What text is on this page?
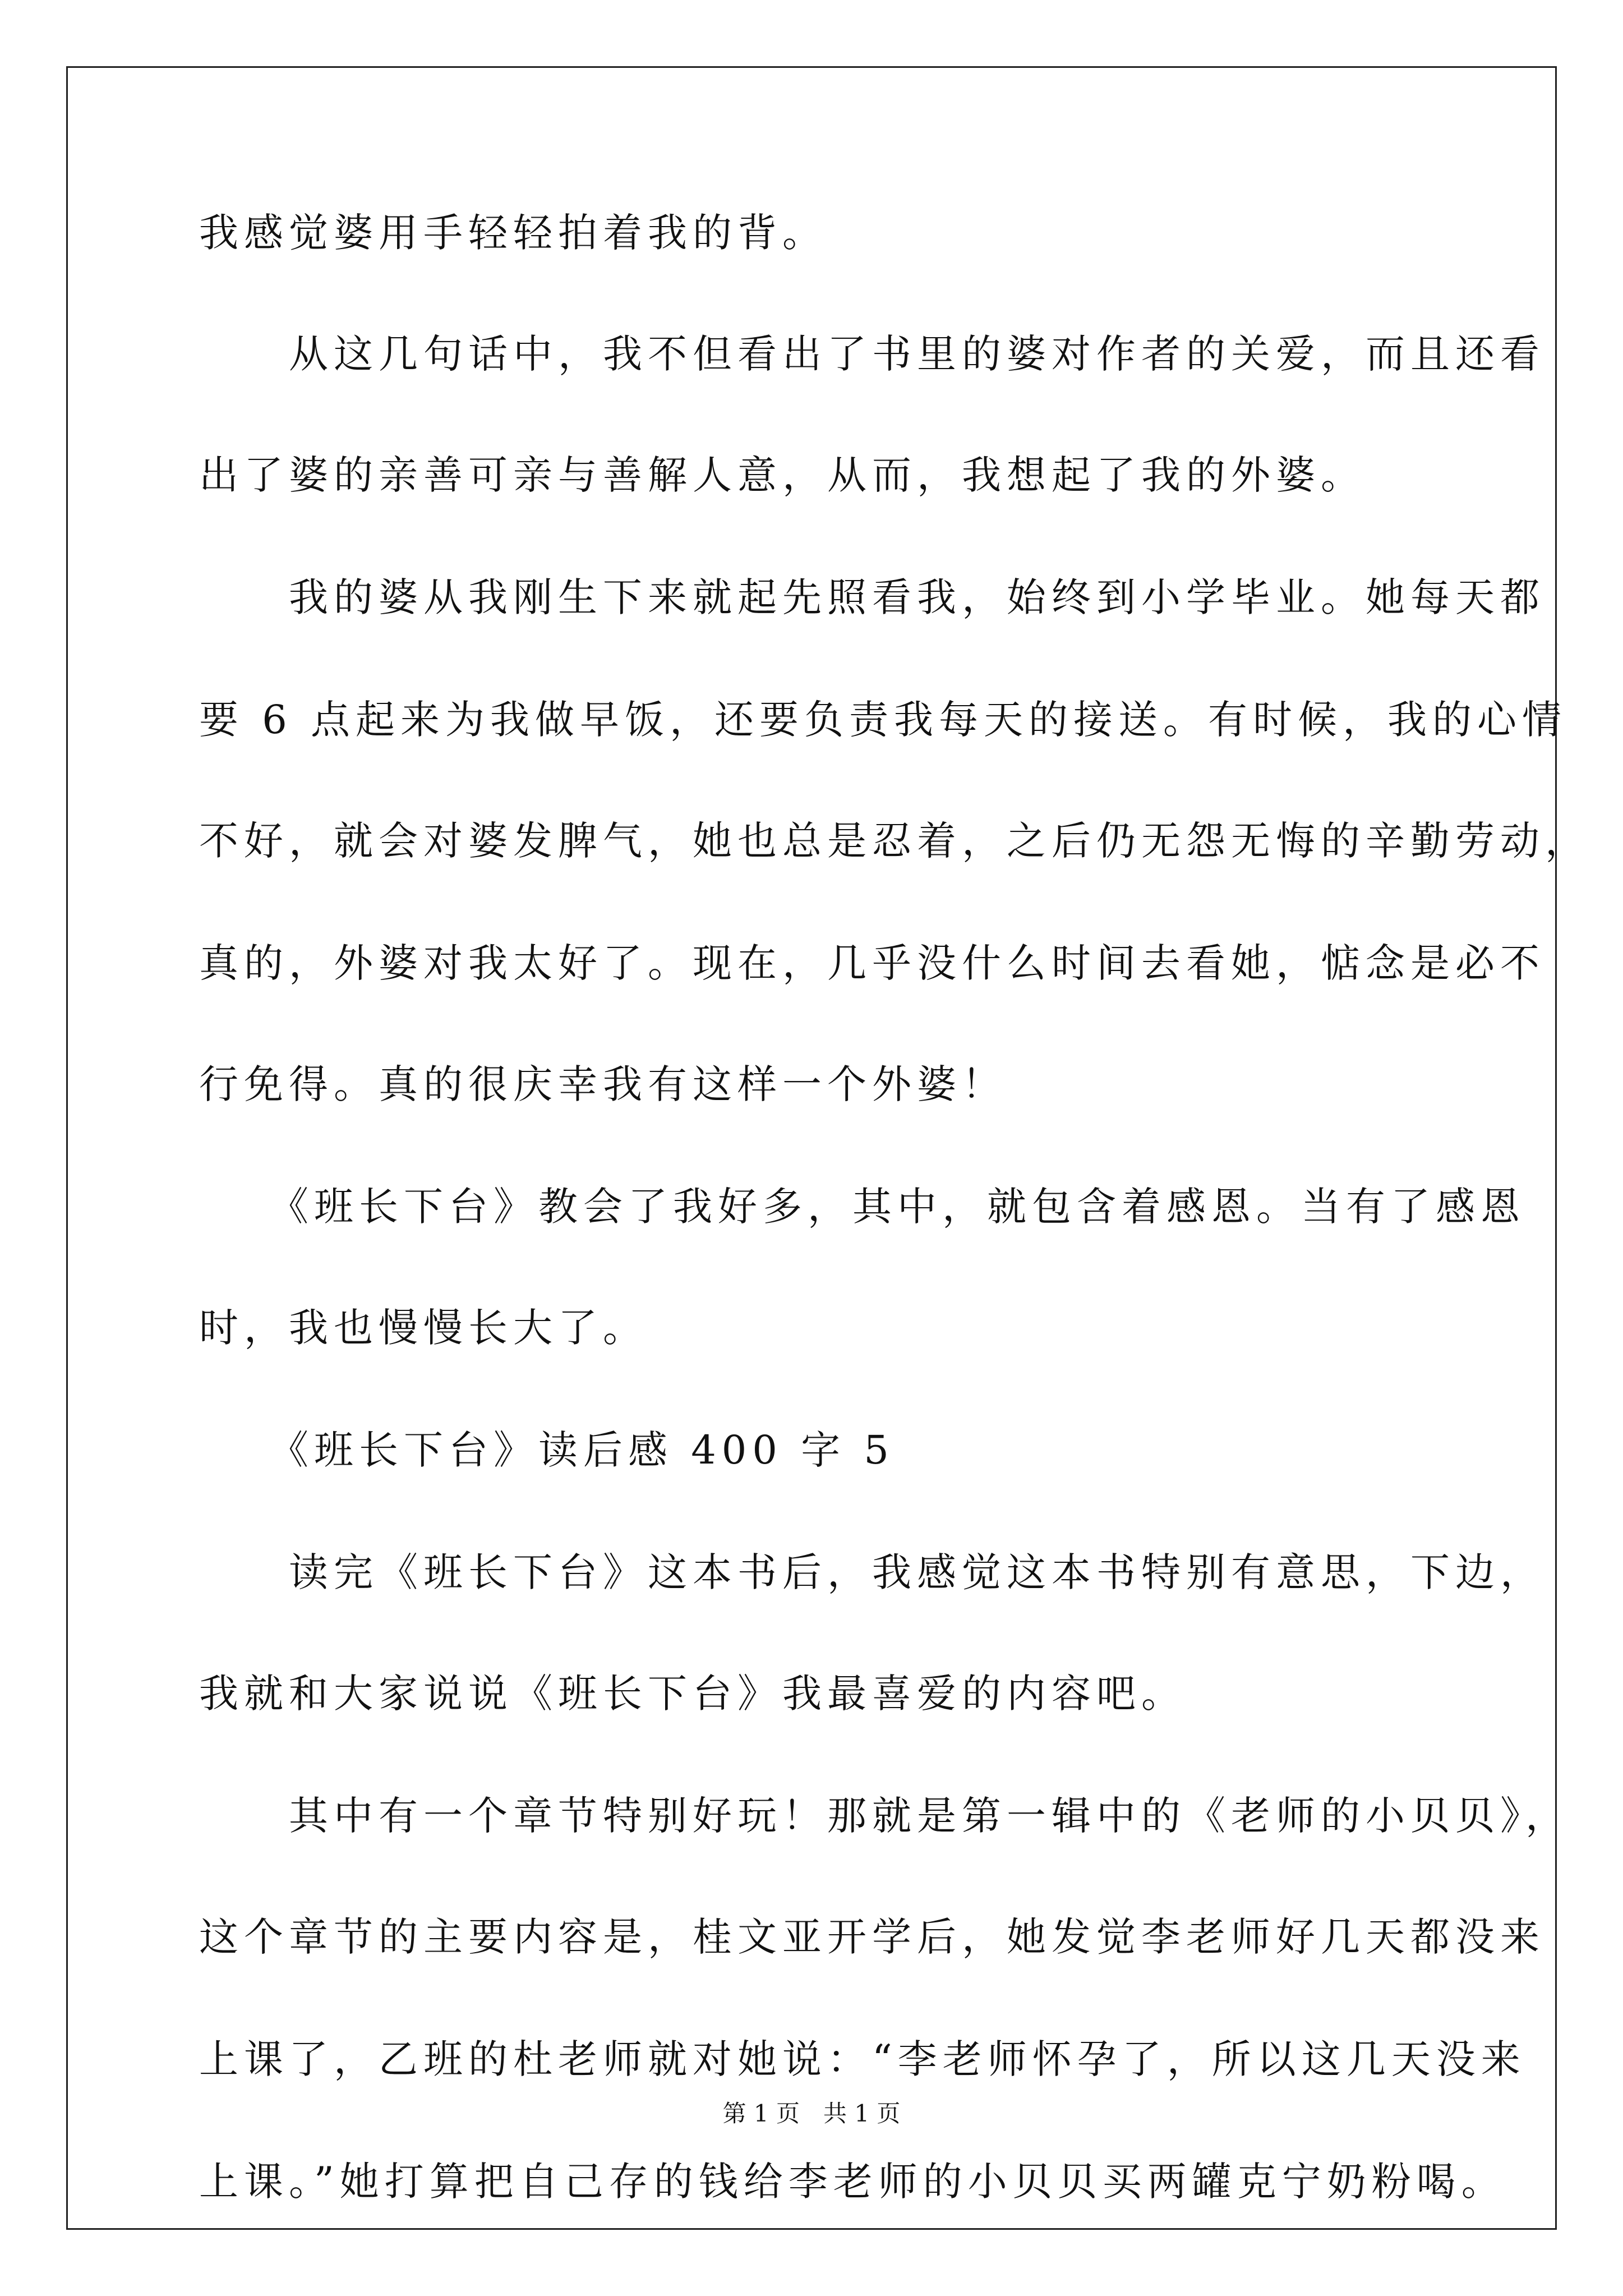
我感觉婆用手轻轻拍着我的背。
　　从这几句话中，我不但看出了书里的婆对作者的关爱，而且还看
出了婆的亲善可亲与善解人意，从而，我想起了我的外婆。
　　我的婆从我刚生下来就起先照看我，始终到小学毕业。她每天都
要 6 点起来为我做早饭，还要负责我每天的接送。有时候，我的心情
不好，就会对婆发脾气，她也总是忍着，之后仍无怨无悔的辛勤劳动，
真的，外婆对我太好了。现在，几乎没什么时间去看她，惦念是必不
行免得。真的很庆幸我有这样一个外婆！
　　《班长下台》教会了我好多，其中，就包含着感恩。当有了感恩
时，我也慢慢长大了。
　　《班长下台》读后感 400 字 5
　　读完《班长下台》这本书后，我感觉这本书特别有意思，下边，
我就和大家说说《班长下台》我最喜爱的内容吧。
　　其中有一个章节特别好玩！那就是第一辑中的《老师的小贝贝》，
这个章节的主要内容是，桂文亚开学后，她发觉李老师好几天都没来
上课了，乙班的杜老师就对她说：“李老师怀孕了，所以这几天没来
上课。”她打算把自己存的钱给李老师的小贝贝买两罐克宁奶粉喝。
第 1 页　共 1 页
